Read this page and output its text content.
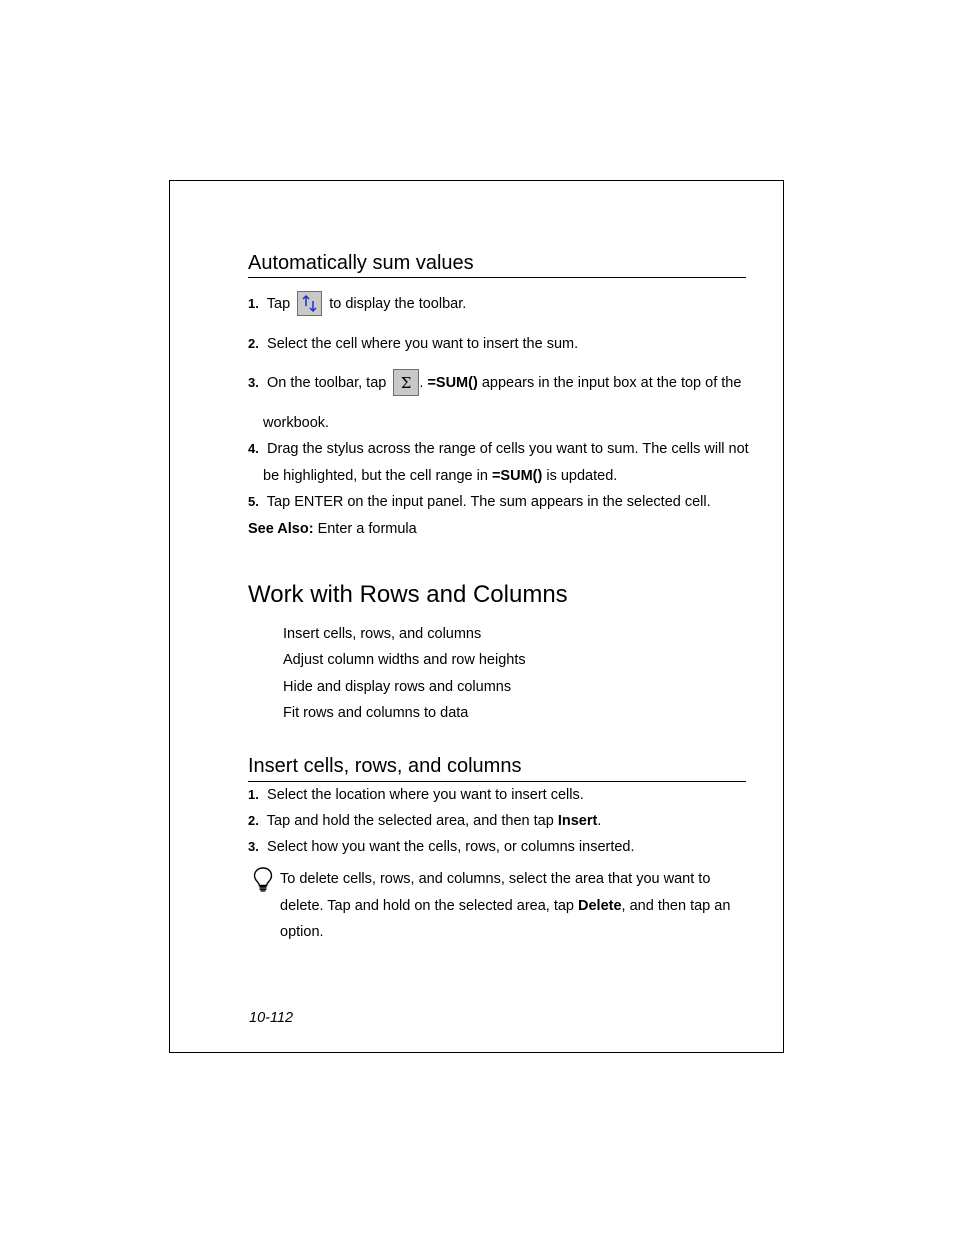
Automatically sum values
1. Tap	to display the toolbar.
2. Select the cell where you want to insert the sum.
3. On the toolbar, tap Σ . =SUM() appears in the input box at the top of the
workbook.
4. Drag the stylus across the range of cells you want to sum. The cells will not
be highlighted, but the cell range in =SUM() is updated.
5. Tap ENTER on the input panel. The sum appears in the selected cell.
See Also: Enter a formula
Work with Rows and Columns
Insert cells, rows, and columns
Adjust column widths and row heights
Hide and display rows and columns
Fit rows and columns to data
Insert cells, rows, and columns
1. Select the location where you want to insert cells.
2. Tap and hold the selected area, and then tap Insert.
3. Select how you want the cells, rows, or columns inserted.
To delete cells, rows, and columns, select the area that you want to
delete. Tap and hold on the selected area, tap Delete, and then tap an
option.
10-112
